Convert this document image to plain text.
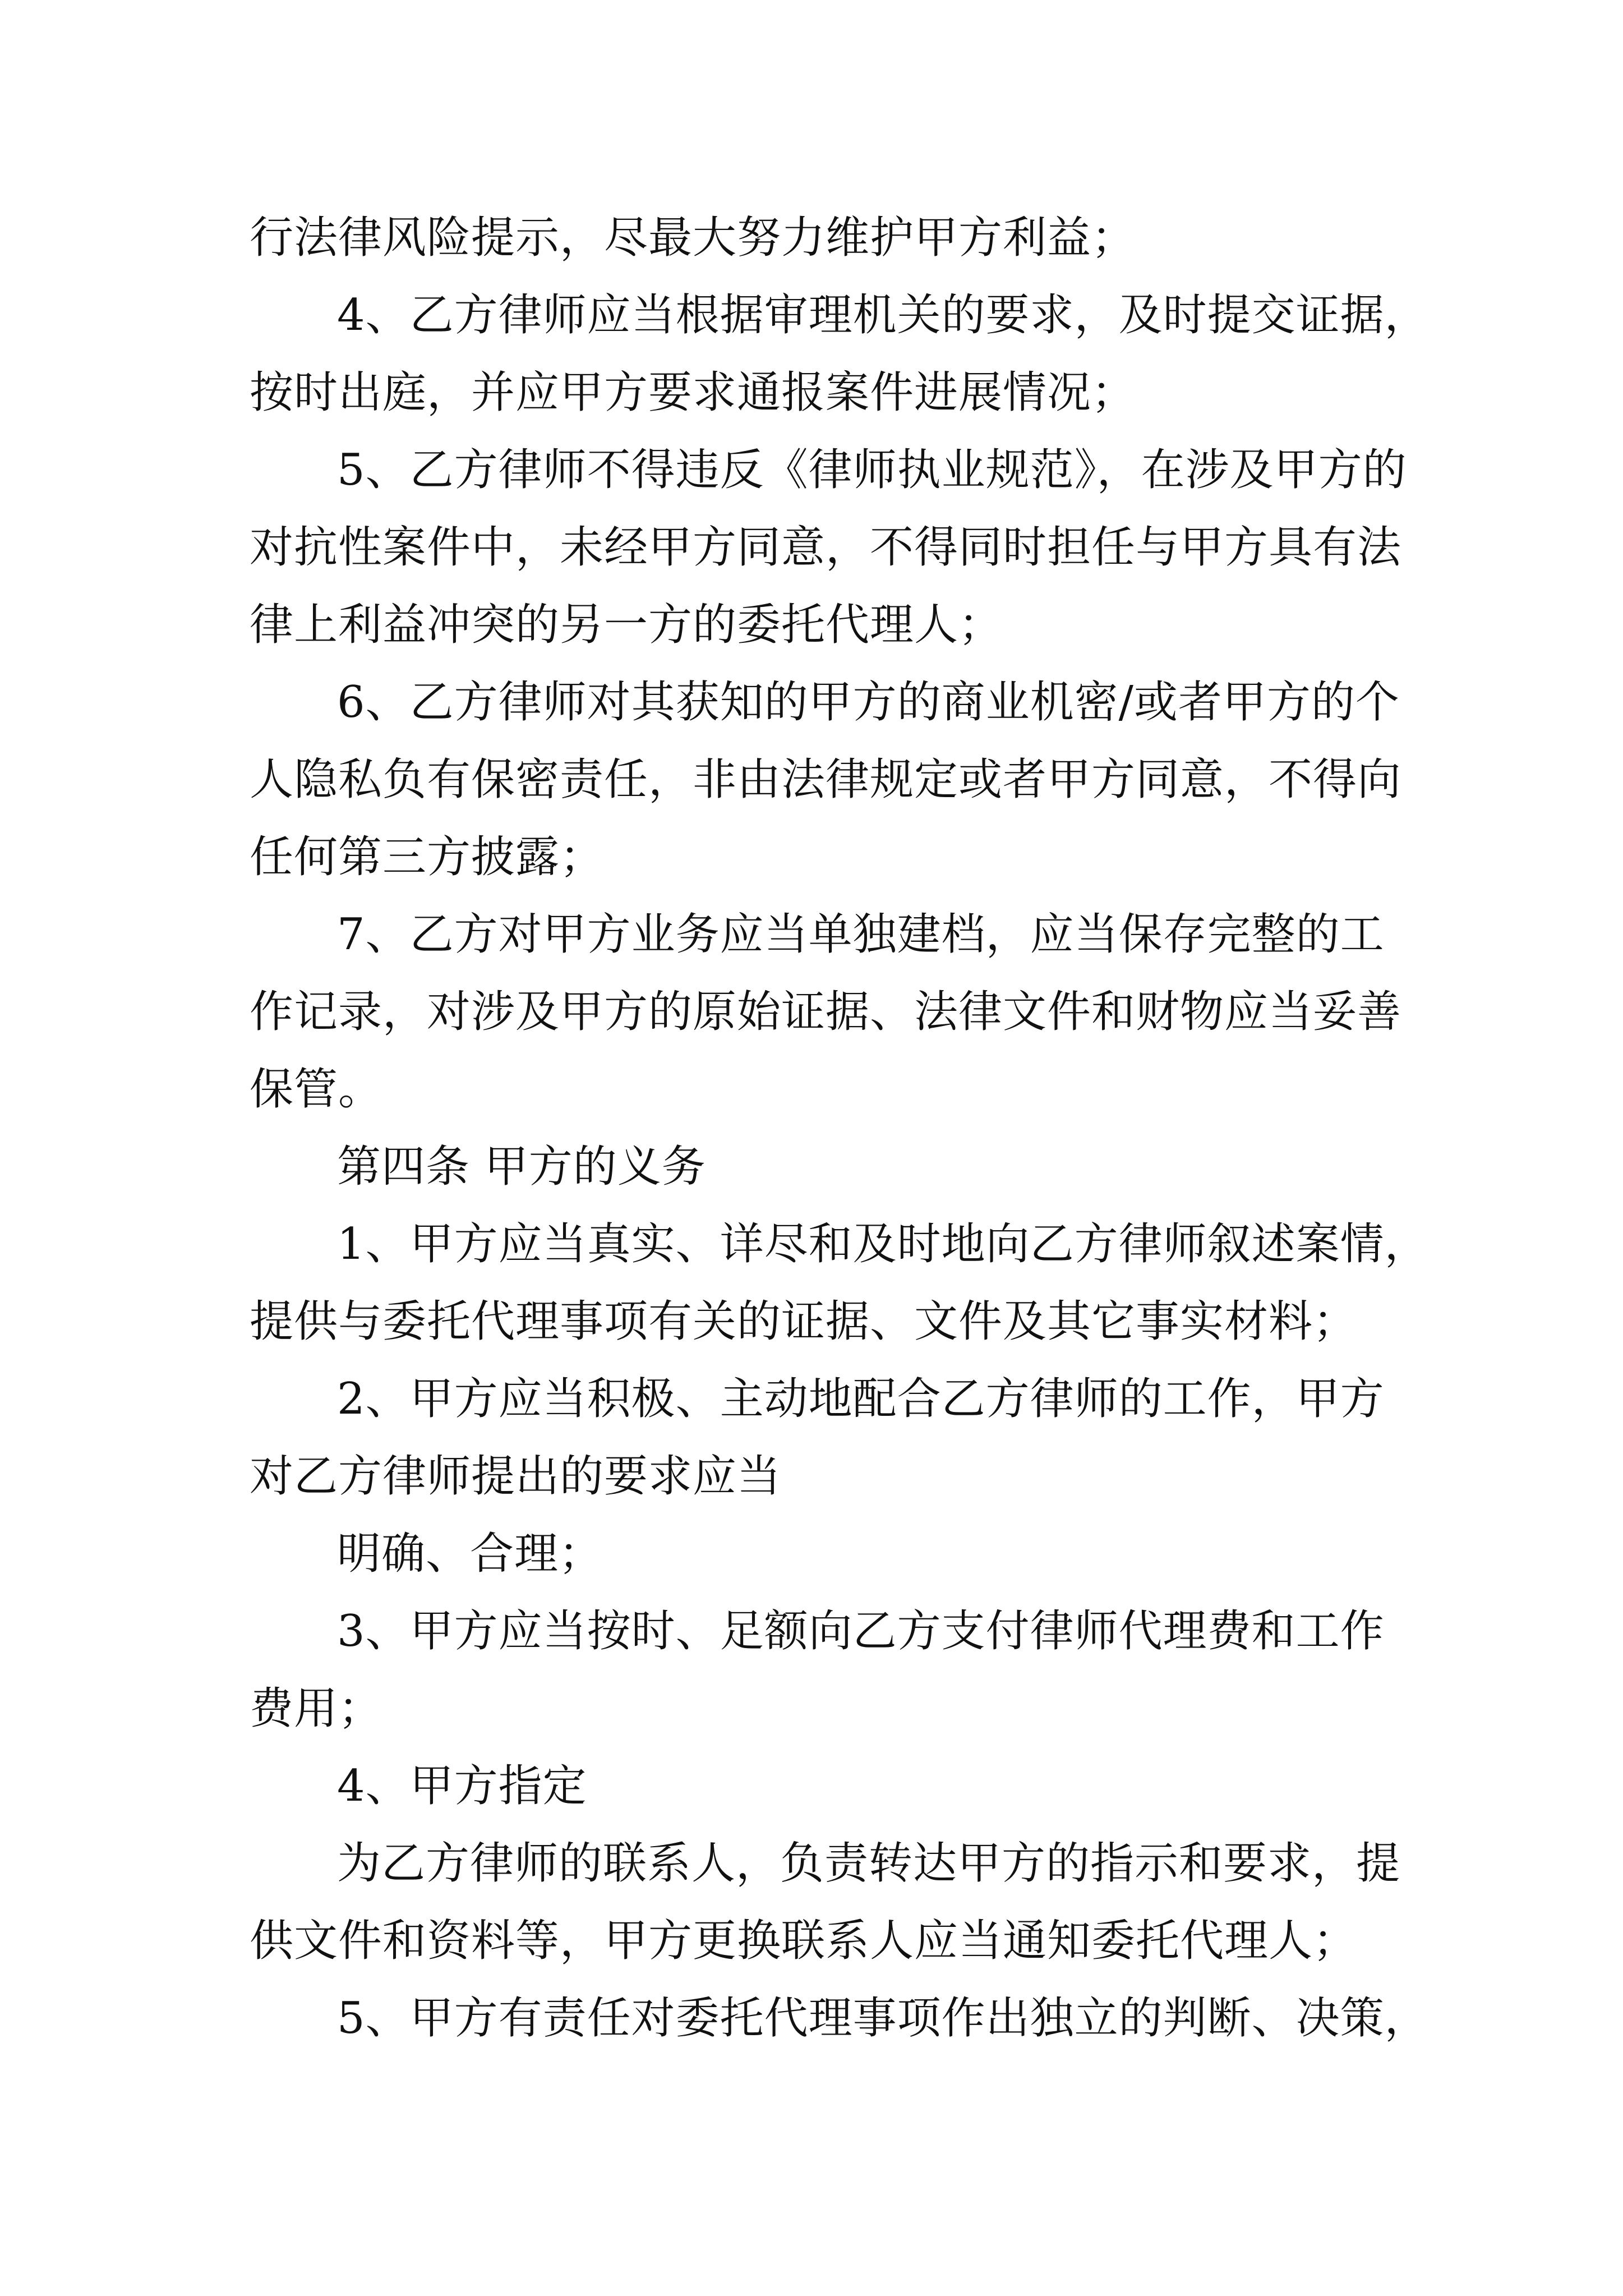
行法律风险提示，尽最大努力维护甲方利益；

4、乙方律师应当根据审理机关的要求，及时提交证据，
按时出庭，并应甲方要求通报案件进展情况；

5、乙方律师不得违反《律师执业规范》，在涉及甲方的
对抗性案件中，未经甲方同意，不得同时担任与甲方具有法
律上利益冲突的另一方的委托代理人；

6、乙方律师对其获知的甲方的商业机密/或者甲方的个
人隐私负有保密责任，非由法律规定或者甲方同意，不得向
任何第三方披露；

7、乙方对甲方业务应当单独建档，应当保存完整的工
作记录，对涉及甲方的原始证据、法律文件和财物应当妥善
保管。

第四条 甲方的义务

1、甲方应当真实、详尽和及时地向乙方律师叙述案情，
提供与委托代理事项有关的证据、文件及其它事实材料；

2、甲方应当积极、主动地配合乙方律师的工作，甲方
对乙方律师提出的要求应当

明确、合理；

3、甲方应当按时、足额向乙方支付律师代理费和工作
费用；

4、甲方指定

为乙方律师的联系人，负责转达甲方的指示和要求，提
供文件和资料等，甲方更换联系人应当通知委托代理人；

5、甲方有责任对委托代理事项作出独立的判断、决策，
